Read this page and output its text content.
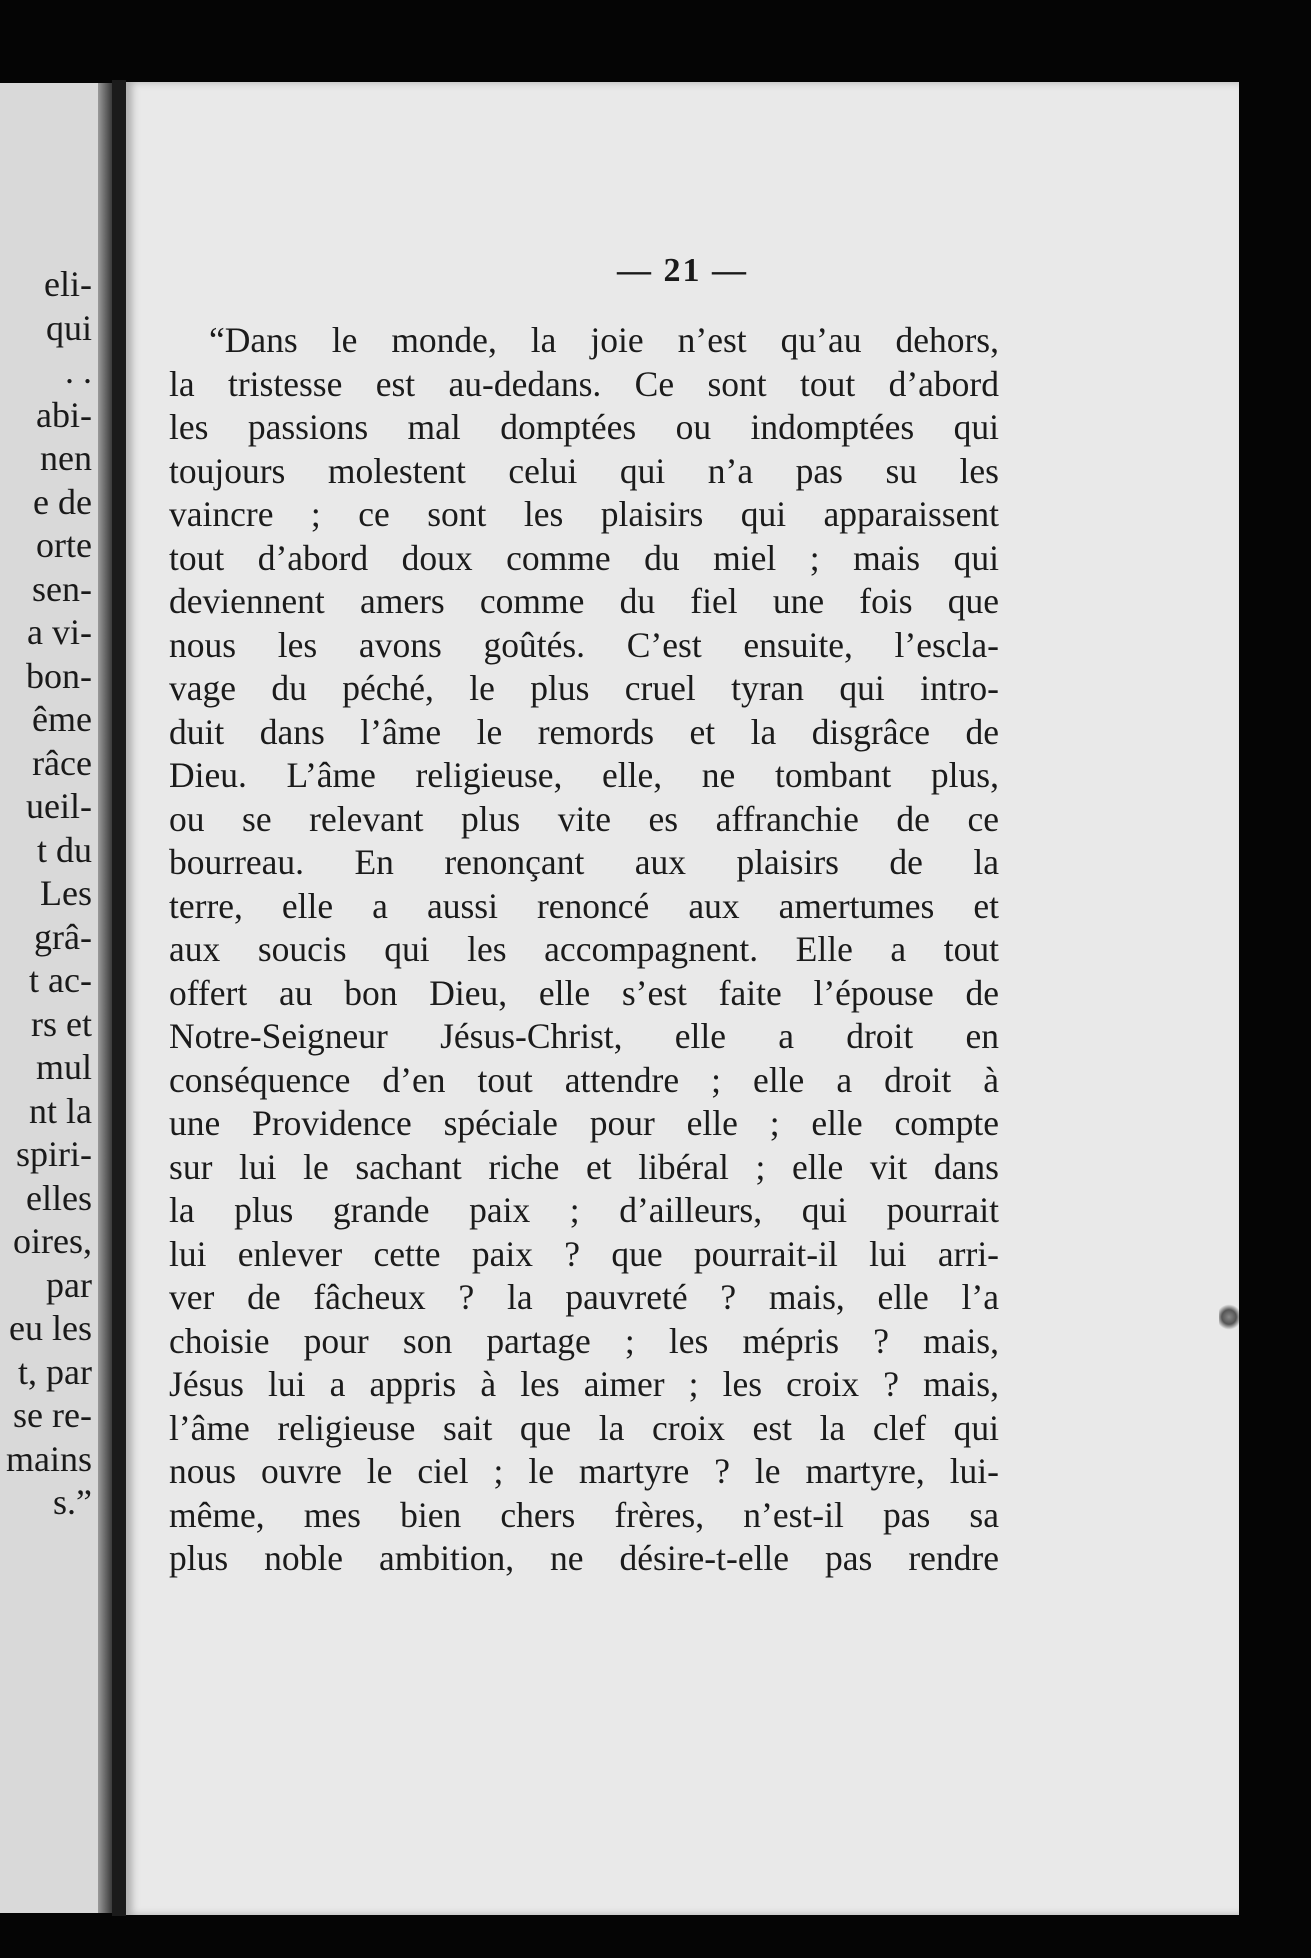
eli-
qui
. .
abi-
nen
e de
orte
sen-
a vi-
bon-
ême
râce
ueil-
t du
Les
grâ-
t ac-
rs et
mul
nt la
spiri-
elles
oires,
par
eu les
t, par
se re-
mains
s.”
— 21 —
“Dans le monde, la joie n’est qu’au dehors,
la tristesse est au-dedans. Ce sont tout d’abord
les passions mal domptées ou indomptées qui
toujours molestent celui qui n’a pas su les
vaincre ; ce sont les plaisirs qui apparaissent
tout d’abord doux comme du miel ; mais qui
deviennent amers comme du fiel une fois que
nous les avons goûtés. C’est ensuite, l’escla-
vage du péché, le plus cruel tyran qui intro-
duit dans l’âme le remords et la disgrâce de
Dieu. L’âme religieuse, elle, ne tombant plus,
ou se relevant plus vite es affranchie de ce
bourreau. En renonçant aux plaisirs de la
terre, elle a aussi renoncé aux amertumes et
aux soucis qui les accompagnent. Elle a tout
offert au bon Dieu, elle s’est faite l’épouse de
Notre-Seigneur Jésus-Christ, elle a droit en
conséquence d’en tout attendre ; elle a droit à
une Providence spéciale pour elle ; elle compte
sur lui le sachant riche et libéral ; elle vit dans
la plus grande paix ; d’ailleurs, qui pourrait
lui enlever cette paix ? que pourrait-il lui arri-
ver de fâcheux ? la pauvreté ? mais, elle l’a
choisie pour son partage ; les mépris ? mais,
Jésus lui a appris à les aimer ; les croix ? mais,
l’âme religieuse sait que la croix est la clef qui
nous ouvre le ciel ; le martyre ? le martyre, lui-
même, mes bien chers frères, n’est-il pas sa
plus noble ambition, ne désire-t-elle pas rendre
